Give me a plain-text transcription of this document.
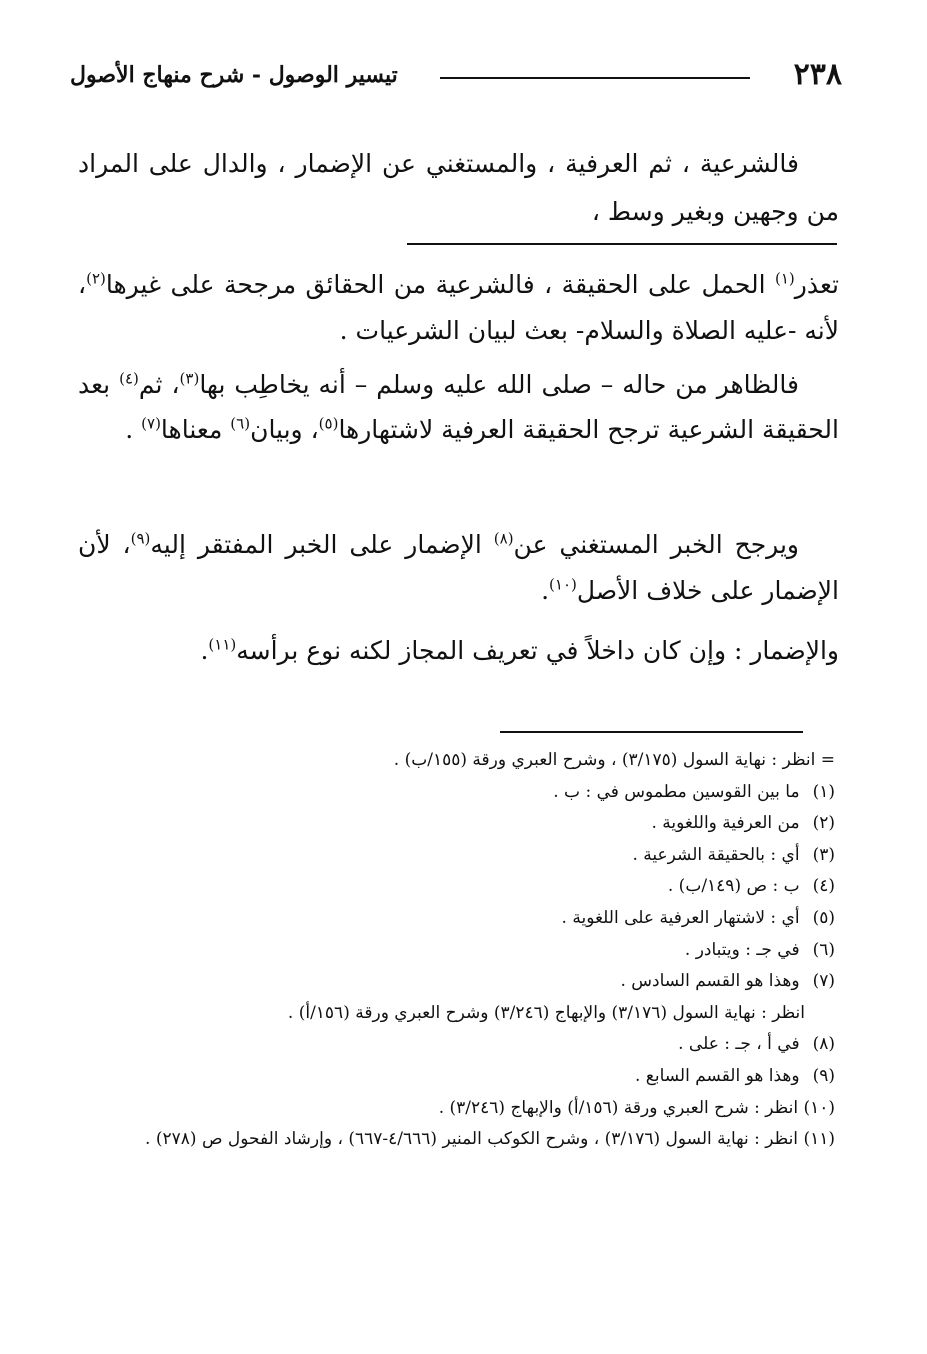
٢٣٨
تيسير الوصول - شرح منهاج الأصول

فالشرعية ، ثم العرفية ، والمستغني عن الإضمار ، والدال على المراد من وجهين وبغير وسط ،

تعذر$^{(١)}$ الحمل على الحقيقة ، فالشرعية من الحقائق مرجحة على غيرها$^{(٢)}$، لأنه -عليه الصلاة والسلام- بعث لبيان الشرعيات .

فالظاهر من حاله – صلى الله عليه وسلم – أنه يخاطِب بها$^{(٣)}$، ثم$^{(٤)}$ بعد الحقيقة الشرعية ترجح الحقيقة العرفية لاشتهارها$^{(٥)}$، وبيان$^{(٦)}$ معناها$^{(٧)}$ .

ويرجح الخبر المستغني عن$^{(٨)}$ الإضمار على الخبر المفتقر إليه$^{(٩)}$، لأن الإضمار على خلاف الأصل$^{(١٠)}$.

والإضمار : وإن كان داخلاً في تعريف المجاز لكنه نوع برأسه$^{(١١)}$.

= انظر : نهاية السول (٣/١٧٥) ، وشرح العبري ورقة (١٥٥/ب) .

(١) ما بين القوسين مطموس في : ب .

(٢) من العرفية واللغوية .

(٣) أي : بالحقيقة الشرعية .

(٤) ب : ص (١٤٩/ب) .

(٥) أي : لاشتهار العرفية على اللغوية .

(٦) في جـ : ويتبادر .

(٧) وهذا هو القسم السادس .

انظر : نهاية السول (٣/١٧٦) والإبهاج (٣/٢٤٦) وشرح العبري ورقة (١٥٦/أ) .

(٨) في أ ، جـ : على .

(٩) وهذا هو القسم السابع .

(١٠) انظر : شرح العبري ورقة (١٥٦/أ) والإبهاج (٣/٢٤٦) .

(١١) انظر : نهاية السول (٣/١٧٦) ، وشرح الكوكب المنير (٤/٦٦٦-٦٦٧) ، وإرشاد الفحول ص (٢٧٨) .
